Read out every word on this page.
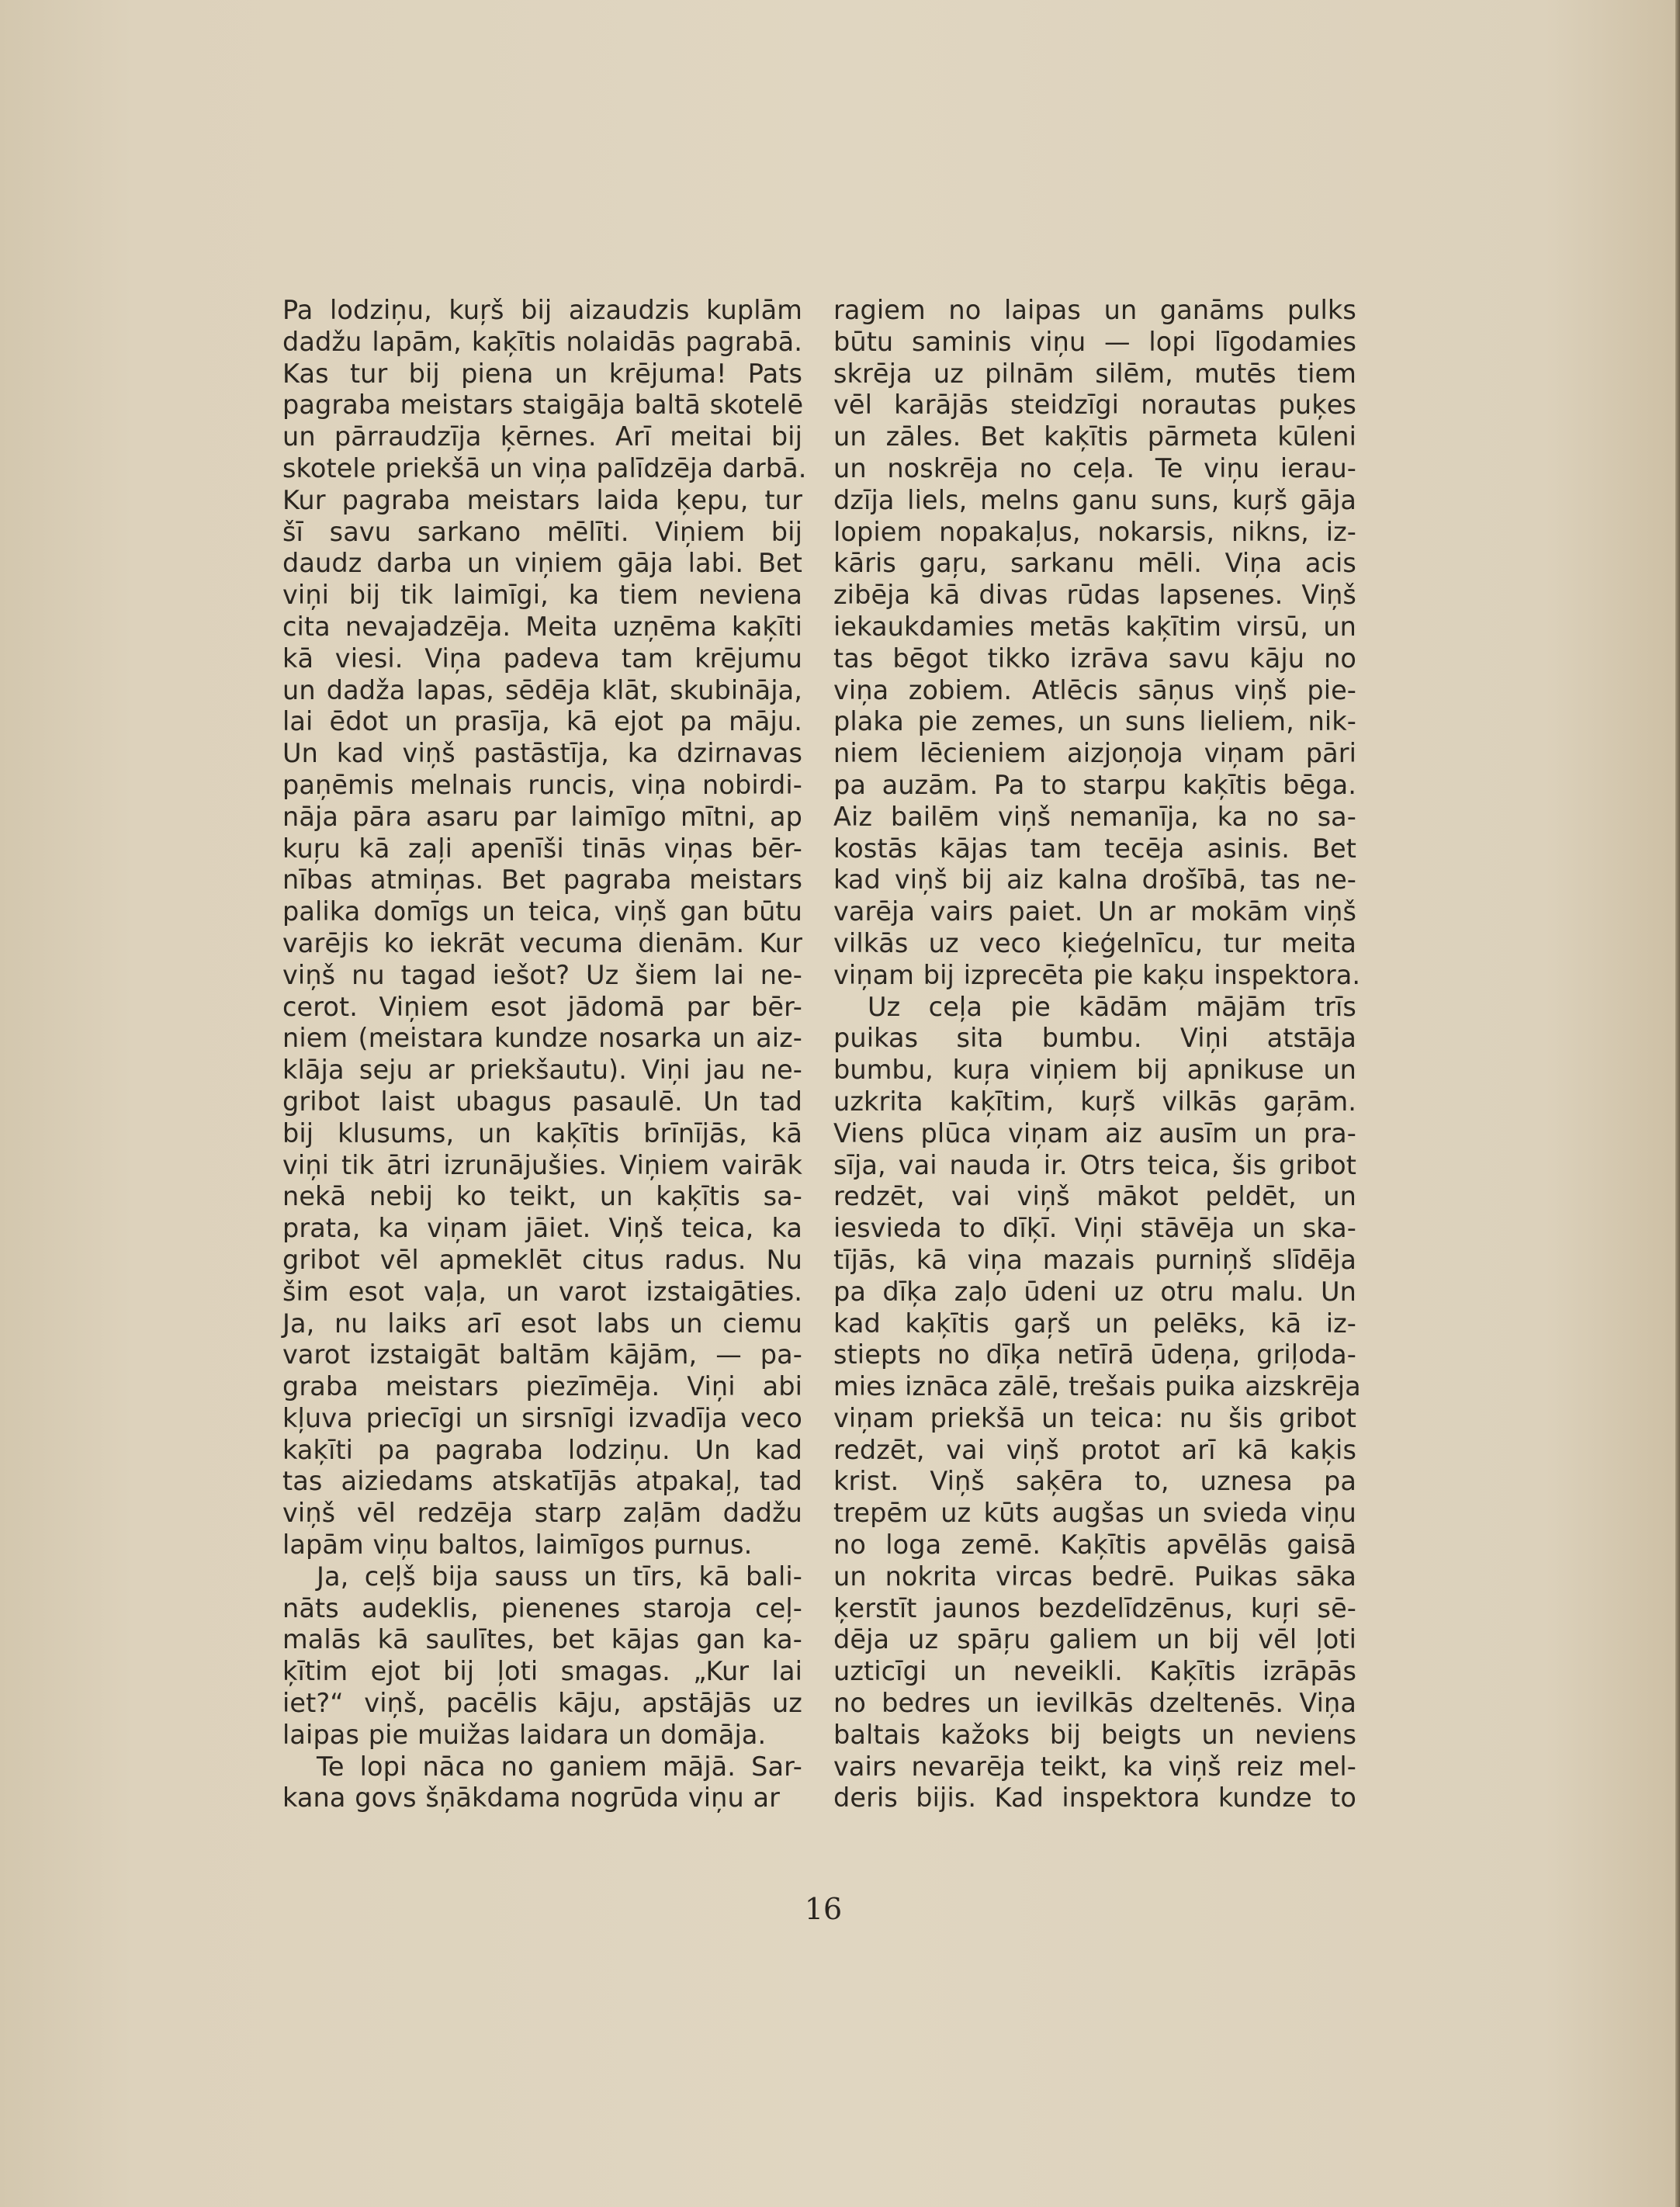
Pa lodziņu, kuŗš bij aizaudzis kuplām
dadžu lapām, kaķītis nolaidās pagrabā.
Kas tur bij piena un krējuma! Pats
pagraba meistars staigāja baltā skotelē
un pārraudzīja ķērnes. Arī meitai bij
skotele priekšā un viņa palīdzēja darbā.
Kur pagraba meistars laida ķepu, tur
šī savu sarkano mēlīti. Viņiem bij
daudz darba un viņiem gāja labi. Bet
viņi bij tik laimīgi, ka tiem neviena
cita nevajadzēja. Meita uzņēma kaķīti
kā viesi. Viņa padeva tam krējumu
un dadža lapas, sēdēja klāt, skubināja,
lai ēdot un prasīja, kā ejot pa māju.
Un kad viņš pastāstīja, ka dzirnavas
paņēmis melnais runcis, viņa nobirdi-
nāja pāra asaru par laimīgo mītni, ap
kuŗu kā zaļi apenīši tinās viņas bēr-
nības atmiņas. Bet pagraba meistars
palika domīgs un teica, viņš gan būtu
varējis ko iekrāt vecuma dienām. Kur
viņš nu tagad iešot? Uz šiem lai ne-
cerot. Viņiem esot jādomā par bēr-
niem (meistara kundze nosarka un aiz-
klāja seju ar priekšautu). Viņi jau ne-
gribot laist ubagus pasaulē. Un tad
bij klusums, un kaķītis brīnījās, kā
viņi tik ātri izrunājušies. Viņiem vairāk
nekā nebij ko teikt, un kaķītis sa-
prata, ka viņam jāiet. Viņš teica, ka
gribot vēl apmeklēt citus radus. Nu
šim esot vaļa, un varot izstaigāties.
Ja, nu laiks arī esot labs un ciemu
varot izstaigāt baltām kājām, — pa-
graba meistars piezīmēja. Viņi abi
kļuva priecīgi un sirsnīgi izvadīja veco
kaķīti pa pagraba lodziņu. Un kad
tas aiziedams atskatījās atpakaļ, tad
viņš vēl redzēja starp zaļām dadžu
lapām viņu baltos, laimīgos purnus.
Ja, ceļš bija sauss un tīrs, kā bali-
nāts audeklis, pienenes staroja ceļ-
malās kā saulītes, bet kājas gan ka-
ķītim ejot bij ļoti smagas. „Kur lai
iet?“ viņš, pacēlis kāju, apstājās uz
laipas pie muižas laidara un domāja.
Te lopi nāca no ganiem mājā. Sar-
kana govs šņākdama nogrūda viņu ar
ragiem no laipas un ganāms pulks
būtu saminis viņu — lopi līgodamies
skrēja uz pilnām silēm, mutēs tiem
vēl karājās steidzīgi norautas puķes
un zāles. Bet kaķītis pārmeta kūleni
un noskrēja no ceļa. Te viņu ierau-
dzīja liels, melns ganu suns, kuŗš gāja
lopiem nopakaļus, nokarsis, nikns, iz-
kāris gaŗu, sarkanu mēli. Viņa acis
zibēja kā divas rūdas lapsenes. Viņš
iekaukdamies metās kaķītim virsū, un
tas bēgot tikko izrāva savu kāju no
viņa zobiem. Atlēcis sāņus viņš pie-
plaka pie zemes, un suns lieliem, nik-
niem lēcieniem aizjoņoja viņam pāri
pa auzām. Pa to starpu kaķītis bēga.
Aiz bailēm viņš nemanīja, ka no sa-
kostās kājas tam tecēja asinis. Bet
kad viņš bij aiz kalna drošībā, tas ne-
varēja vairs paiet. Un ar mokām viņš
vilkās uz veco ķieģelnīcu, tur meita
viņam bij izprecēta pie kaķu inspektora.
Uz ceļa pie kādām mājām trīs
puikas sita bumbu. Viņi atstāja
bumbu, kuŗa viņiem bij apnikuse un
uzkrita kaķītim, kuŗš vilkās gaŗām.
Viens plūca viņam aiz ausīm un pra-
sīja, vai nauda ir. Otrs teica, šis gribot
redzēt, vai viņš mākot peldēt, un
iesvieda to dīķī. Viņi stāvēja un ska-
tījās, kā viņa mazais purniņš slīdēja
pa dīķa zaļo ūdeni uz otru malu. Un
kad kaķītis gaŗš un pelēks, kā iz-
stiepts no dīķa netīrā ūdeņa, griļoda-
mies iznāca zālē, trešais puika aizskrēja
viņam priekšā un teica: nu šis gribot
redzēt, vai viņš protot arī kā kaķis
krist. Viņš saķēra to, uznesa pa
trepēm uz kūts augšas un svieda viņu
no loga zemē. Kaķītis apvēlās gaisā
un nokrita vircas bedrē. Puikas sāka
ķerstīt jaunos bezdelīdzēnus, kuŗi sē-
dēja uz spāŗu galiem un bij vēl ļoti
uzticīgi un neveikli. Kaķītis izrāpās
no bedres un ievilkās dzeltenēs. Viņa
baltais kažoks bij beigts un neviens
vairs nevarēja teikt, ka viņš reiz mel-
deris bijis. Kad inspektora kundze to
16
